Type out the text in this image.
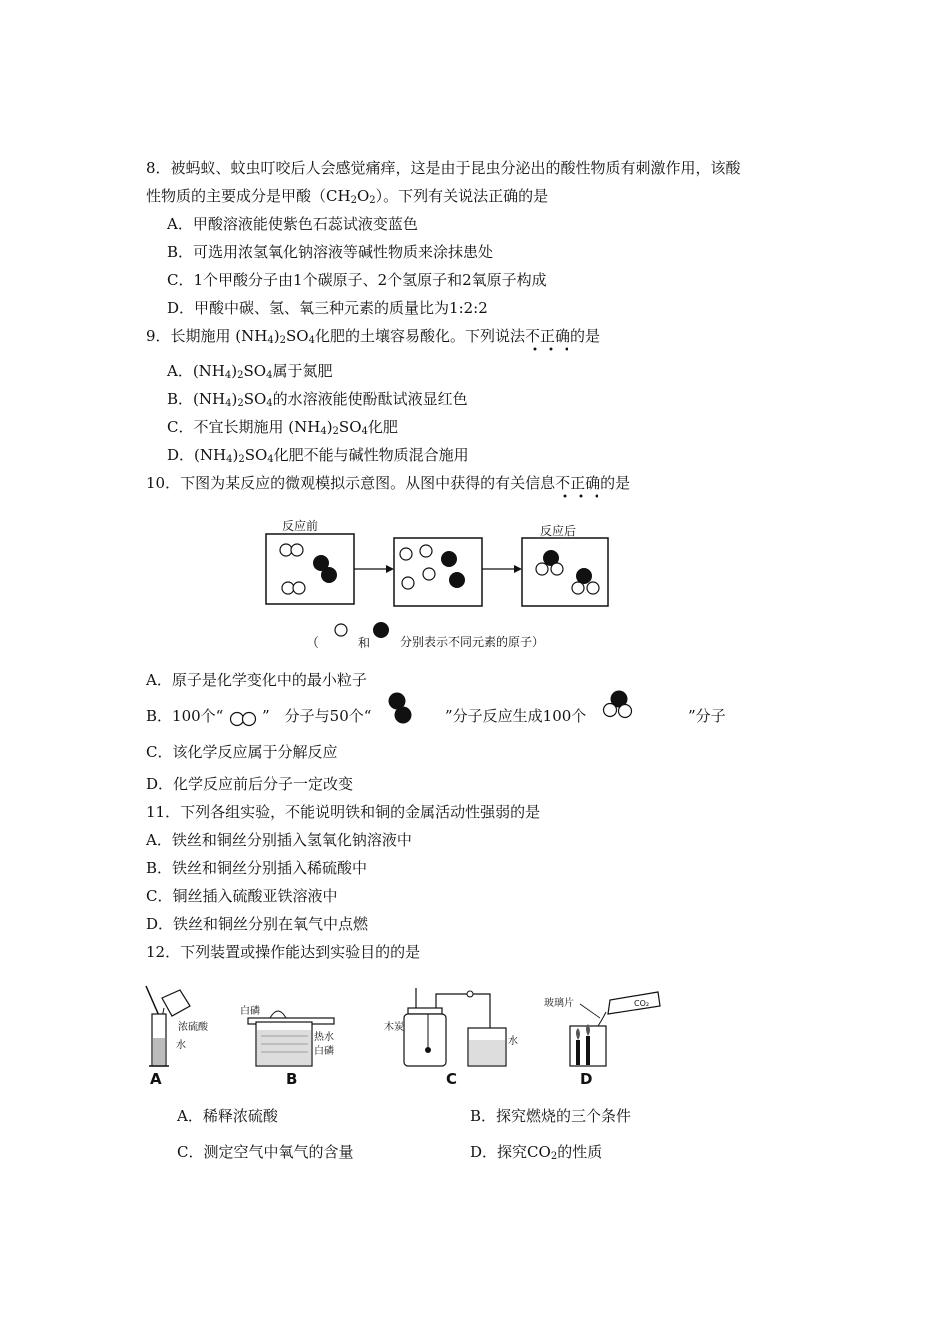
8．被蚂蚁、蚊虫叮咬后人会感觉痛痒，这是由于昆虫分泌出的酸性物质有刺激作用，该酸
性物质的主要成分是甲酸$(CH_2O_2)$。下列有关说法正确的是
A．甲酸溶液能使紫色石蕊试液变蓝色
B．可选用浓氢氧化钠溶液等碱性物质来涂抹患处
C．1个甲酸分子由1个碳原子、2个氢原子和2氧原子构成
D．甲酸中碳、氢、氧三种元素的质量比为1:2:2
9．长期施用 $(NH_4)_2SO_4$化肥的土壤容易酸化。下列说法不正确的是
A．$(NH_4)_2SO_4$属于氮肥
B．$(NH_4)_2SO_4$的水溶液能使酚酞试液显红色
C．不宜长期施用 $(NH_4)_2SO_4$化肥
D．$(NH_4)_2SO_4$化肥不能与碱性物质混合施用
10．下图为某反应的微观模拟示意图。从图中获得的有关信息不正确的是
反应前	反应后
（	和 分别表示不同元素的原子）
A．原子是化学变化中的最小粒子
B．100个“	”　分子与50个“	”分子反应生成100个	”分子
C．该化学反应属于分解反应
D．化学反应前后分子一定改变
11．下列各组实验，不能说明铁和铜的金属活动性强弱的是
A．铁丝和铜丝分别插入氢氧化钠溶液中
B．铁丝和铜丝分别插入稀硫酸中
C．铜丝插入硫酸亚铁溶液中
D．铁丝和铜丝分别在氧气中点燃
12．下列装置或操作能达到实验目的的是
浓硫酸
水
A
白磷
热水
白磷
B
木炭
水
C
玻璃片	CO₂
D
A．稀释浓硫酸	B．探究燃烧的三个条件
C．测定空气中氧气的含量	D．探究$CO_2$的性质
